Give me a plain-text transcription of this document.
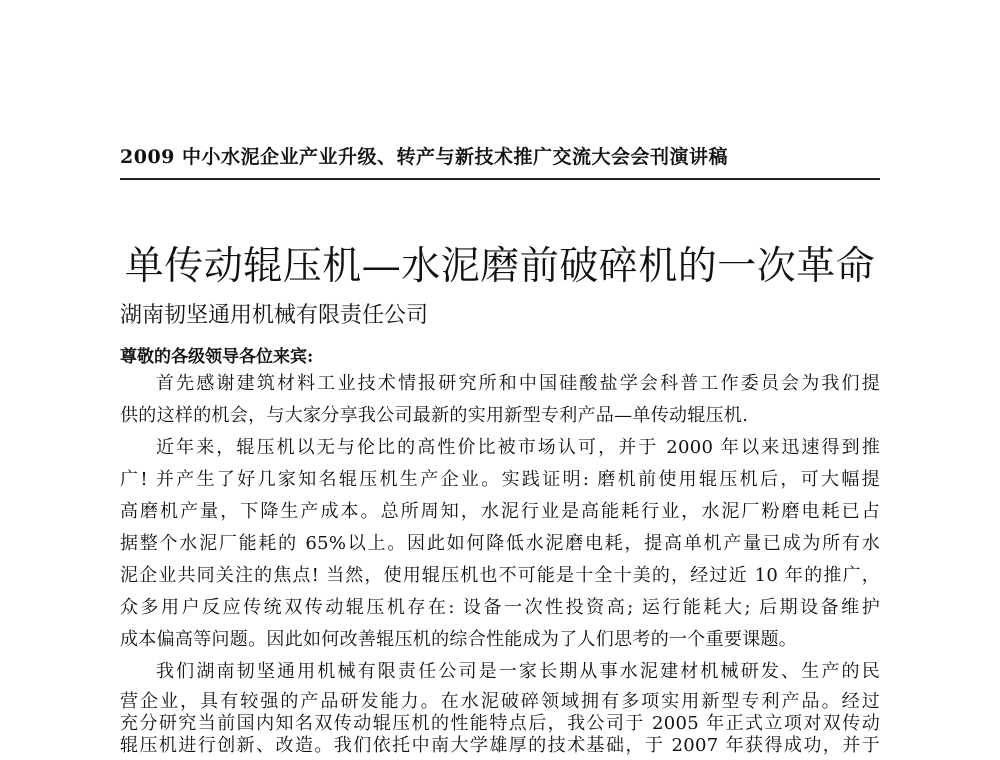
2009 中小水泥企业产业升级、转产与新技术推广交流大会会刊演讲稿
单传动辊压机—水泥磨前破碎机的一次革命
湖南韧坚通用机械有限责任公司
尊敬的各级领导各位来宾:
首先感谢建筑材料工业技术情报研究所和中国硅酸盐学会科普工作委员会为我们提
供的这样的机会，与大家分享我公司最新的实用新型专利产品—单传动辊压机.
近年来，辊压机以无与伦比的高性价比被市场认可，并于 2000 年以来迅速得到推
广! 并产生了好几家知名辊压机生产企业。实践证明: 磨机前使用辊压机后，可大幅提
高磨机产量，下降生产成本。总所周知，水泥行业是高能耗行业，水泥厂粉磨电耗已占
据整个水泥厂能耗的 65%以上。因此如何降低水泥磨电耗，提高单机产量已成为所有水
泥企业共同关注的焦点! 当然，使用辊压机也不可能是十全十美的，经过近 10 年的推广，
众多用户反应传统双传动辊压机存在: 设备一次性投资高; 运行能耗大; 后期设备维护
成本偏高等问题。因此如何改善辊压机的综合性能成为了人们思考的一个重要课题。
我们湖南韧坚通用机械有限责任公司是一家长期从事水泥建材机械研发、生产的民
营企业，具有较强的产品研发能力。在水泥破碎领域拥有多项实用新型专利产品。经过
充分研究当前国内知名双传动辊压机的性能特点后，我公司于 2005 年正式立项对双传动
辊压机进行创新、改造。我们依托中南大学雄厚的技术基础，于 2007 年获得成功，并于
